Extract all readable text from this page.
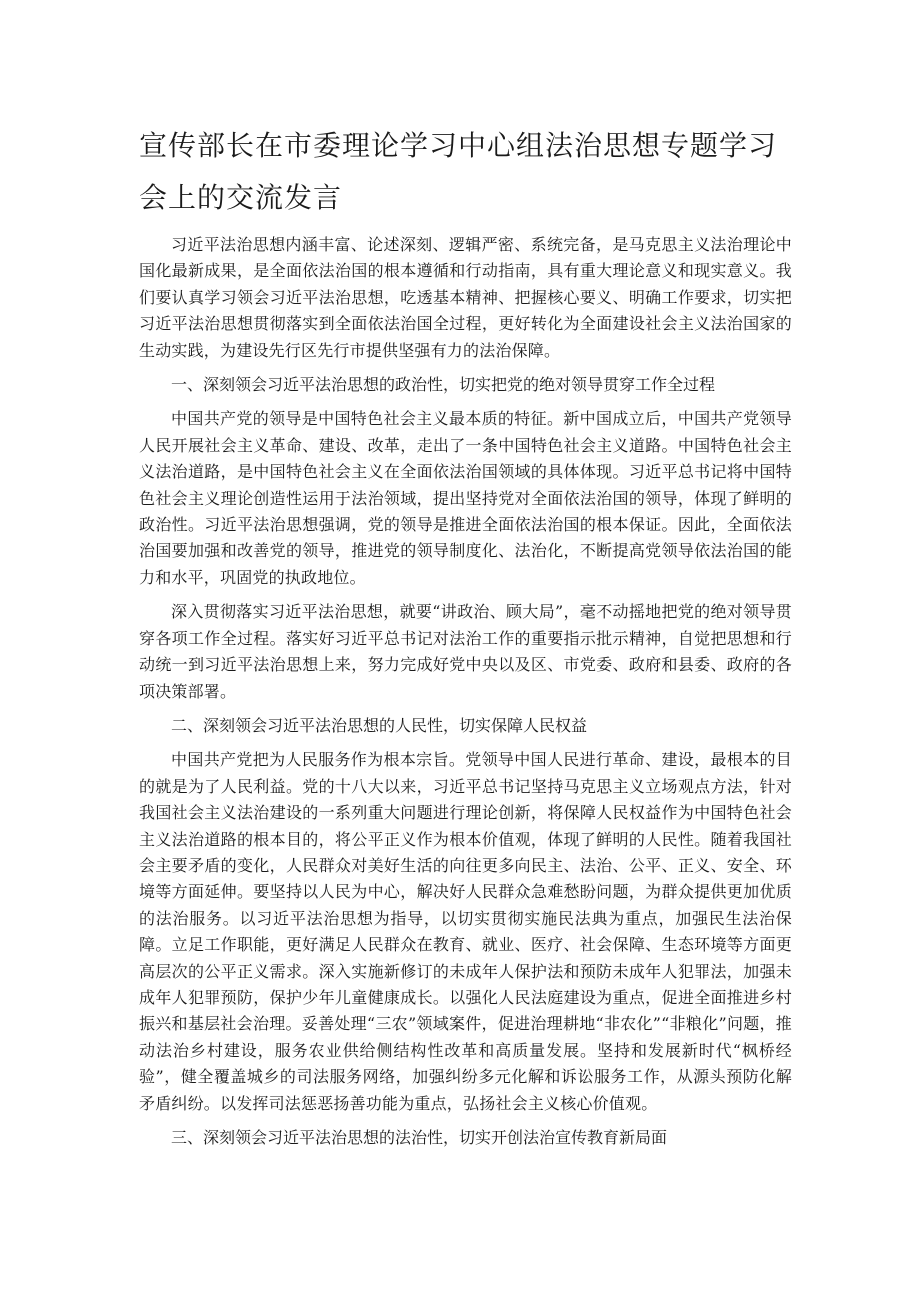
宣传部长在市委理论学习中心组法治思想专题学习
会上的交流发言

习近平法治思想内涵丰富、论述深刻、逻辑严密、系统完备，是马克思主义法治理论中国化最新成果，是全面依法治国的根本遵循和行动指南，具有重大理论意义和现实意义。我们要认真学习领会习近平法治思想，吃透基本精神、把握核心要义、明确工作要求，切实把习近平法治思想贯彻落实到全面依法治国全过程，更好转化为全面建设社会主义法治国家的生动实践，为建设先行区先行市提供坚强有力的法治保障。

一、深刻领会习近平法治思想的政治性，切实把党的绝对领导贯穿工作全过程

中国共产党的领导是中国特色社会主义最本质的特征。新中国成立后，中国共产党领导人民开展社会主义革命、建设、改革，走出了一条中国特色社会主义道路。中国特色社会主义法治道路，是中国特色社会主义在全面依法治国领域的具体体现。习近平总书记将中国特色社会主义理论创造性运用于法治领域，提出坚持党对全面依法治国的领导，体现了鲜明的政治性。习近平法治思想强调，党的领导是推进全面依法治国的根本保证。因此，全面依法治国要加强和改善党的领导，推进党的领导制度化、法治化，不断提高党领导依法治国的能力和水平，巩固党的执政地位。

深入贯彻落实习近平法治思想，就要“讲政治、顾大局”，毫不动摇地把党的绝对领导贯穿各项工作全过程。落实好习近平总书记对法治工作的重要指示批示精神，自觉把思想和行动统一到习近平法治思想上来，努力完成好党中央以及区、市党委、政府和县委、政府的各项决策部署。

二、深刻领会习近平法治思想的人民性，切实保障人民权益

中国共产党把为人民服务作为根本宗旨。党领导中国人民进行革命、建设，最根本的目的就是为了人民利益。党的十八大以来，习近平总书记坚持马克思主义立场观点方法，针对我国社会主义法治建设的一系列重大问题进行理论创新，将保障人民权益作为中国特色社会主义法治道路的根本目的，将公平正义作为根本价值观，体现了鲜明的人民性。随着我国社会主要矛盾的变化，人民群众对美好生活的向往更多向民主、法治、公平、正义、安全、环境等方面延伸。要坚持以人民为中心，解决好人民群众急难愁盼问题，为群众提供更加优质的法治服务。以习近平法治思想为指导，以切实贯彻实施民法典为重点，加强民生法治保障。立足工作职能，更好满足人民群众在教育、就业、医疗、社会保障、生态环境等方面更高层次的公平正义需求。深入实施新修订的未成年人保护法和预防未成年人犯罪法，加强未成年人犯罪预防，保护少年儿童健康成长。以强化人民法庭建设为重点，促进全面推进乡村振兴和基层社会治理。妥善处理“三农”领域案件，促进治理耕地“非农化”“非粮化”问题，推动法治乡村建设，服务农业供给侧结构性改革和高质量发展。坚持和发展新时代“枫桥经验”，健全覆盖城乡的司法服务网络，加强纠纷多元化解和诉讼服务工作，从源头预防化解矛盾纠纷。以发挥司法惩恶扬善功能为重点，弘扬社会主义核心价值观。

三、深刻领会习近平法治思想的法治性，切实开创法治宣传教育新局面
